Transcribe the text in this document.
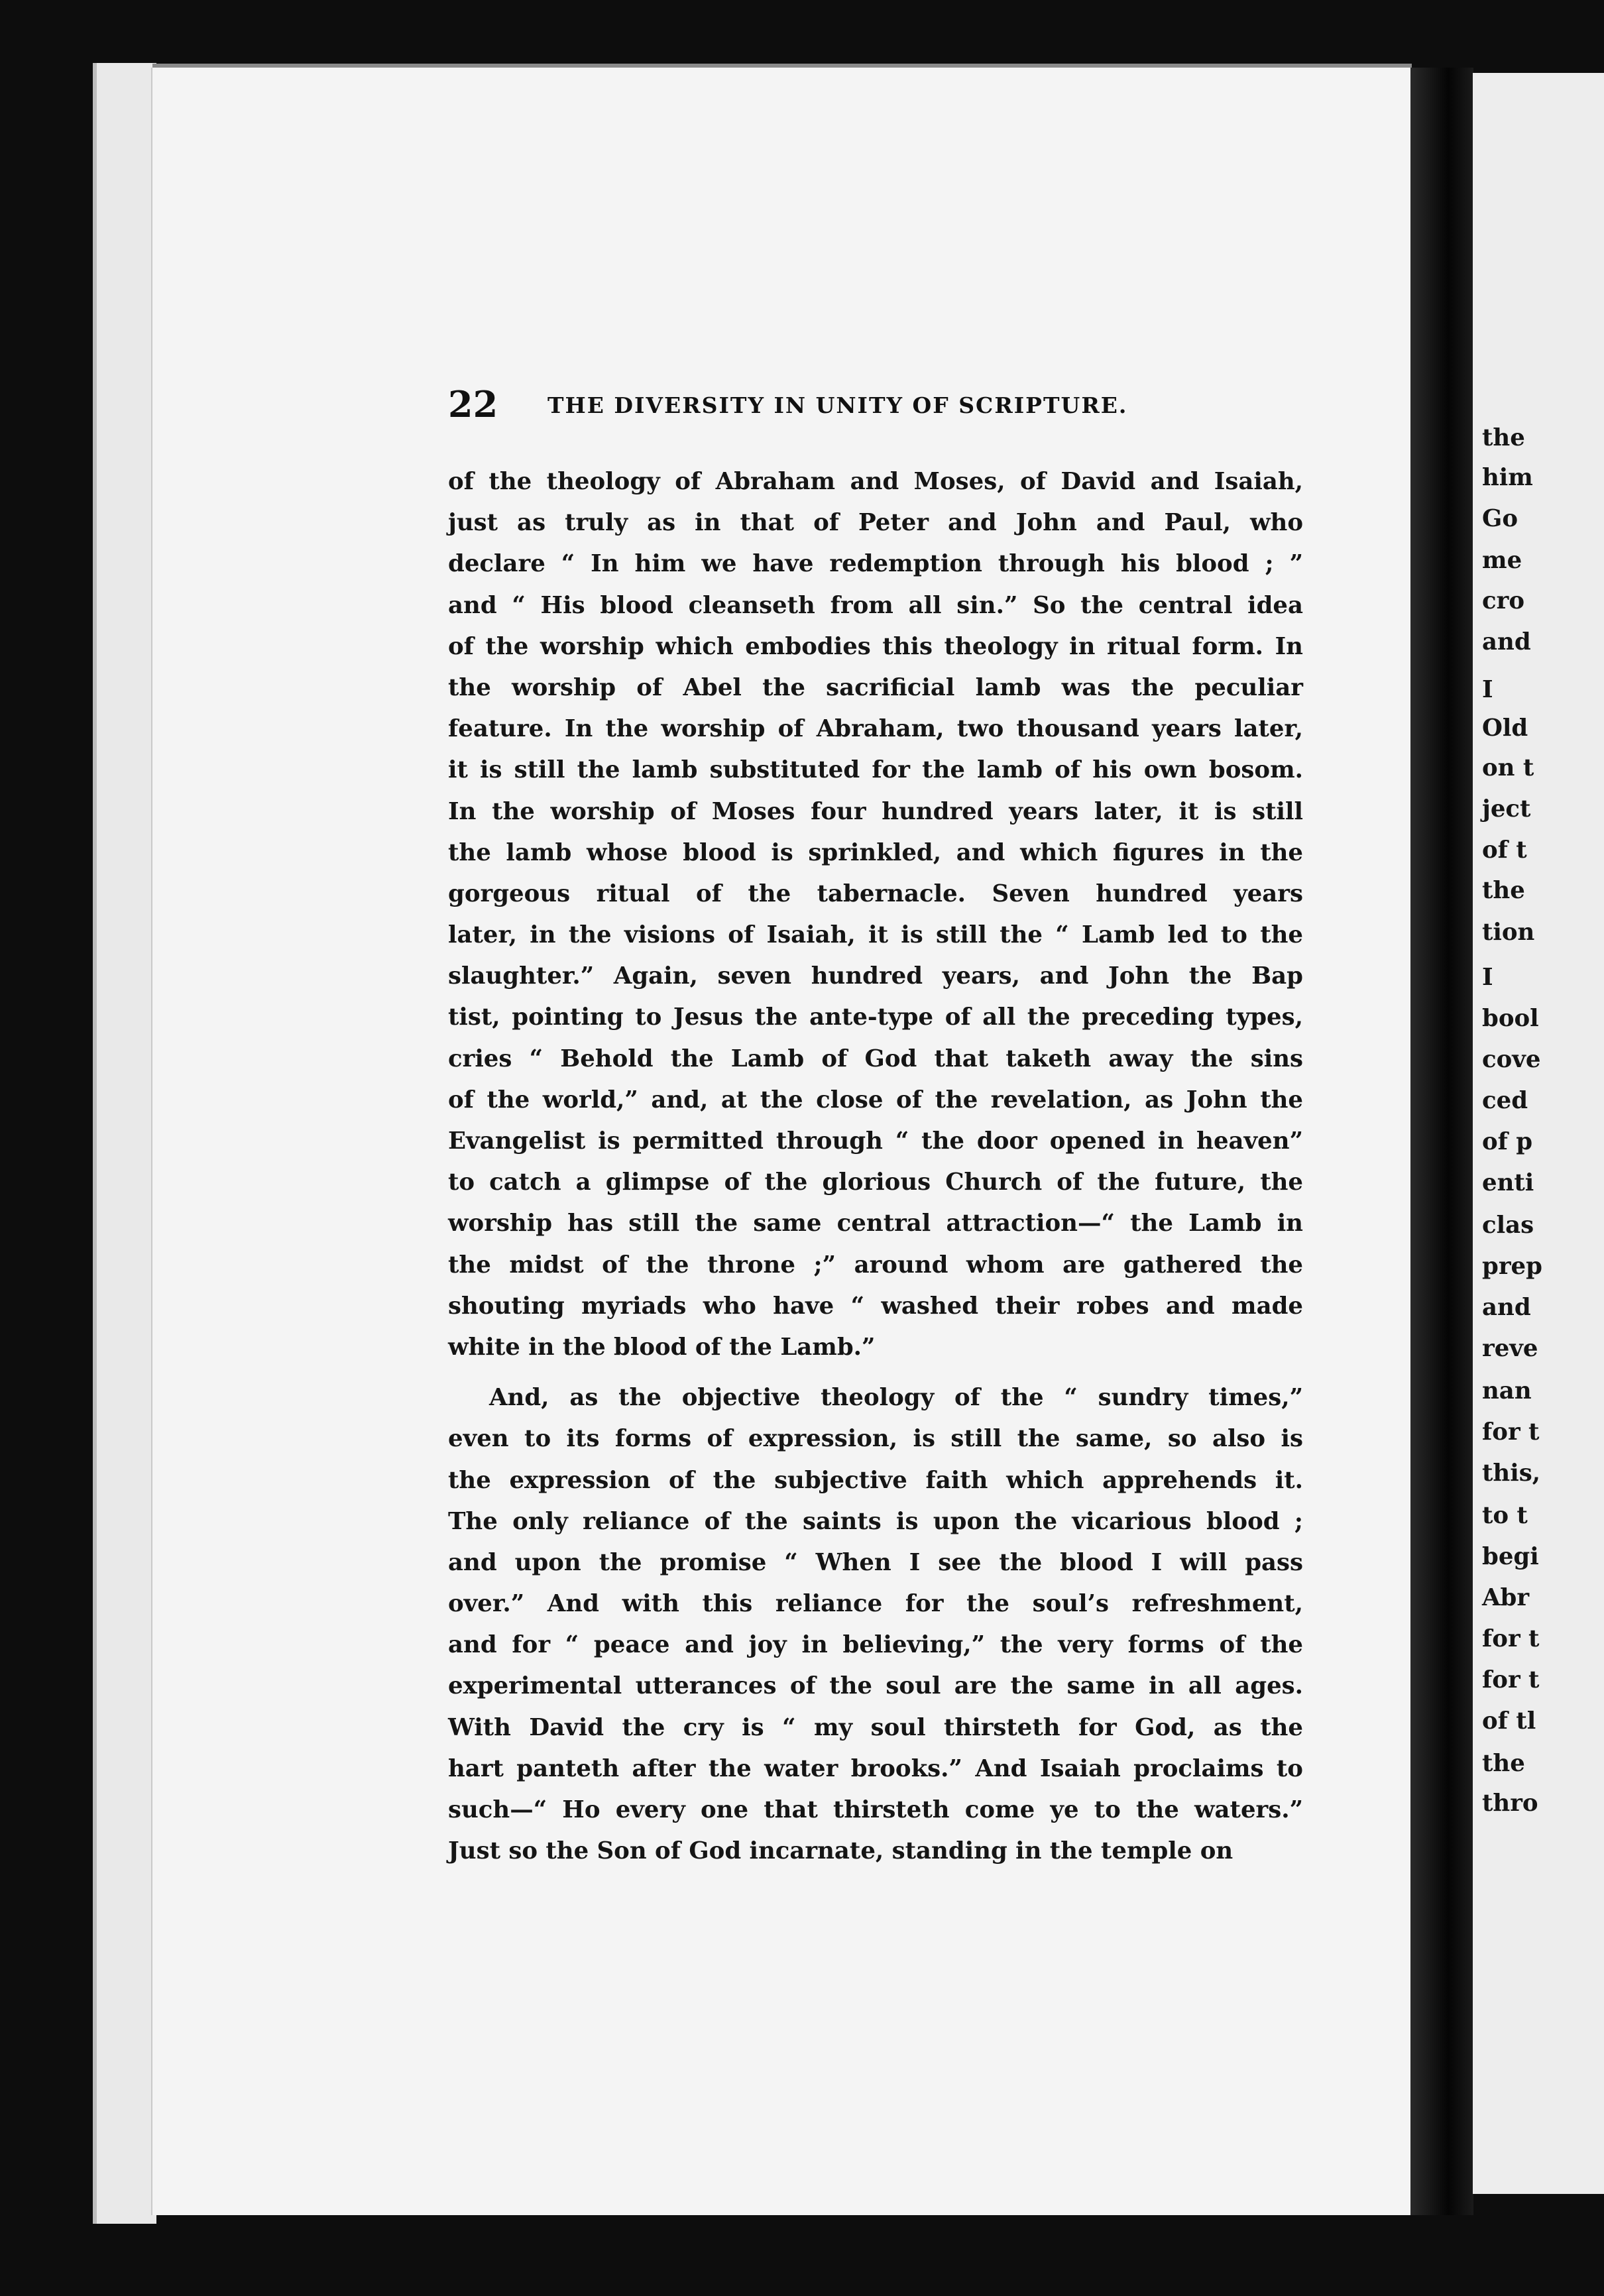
the
him
Go
me
cro
and
I
Old
on t
ject
of t
the
tion
I
bool
cove
ced
of p
enti
clas
prep
and
reve
nan
for t
this,
to t
begi
Abr
for t
for t
of tl
the
thro
22 THE DIVERSITY IN UNITY OF SCRIPTURE.
of the theology of Abraham and Moses, of David and Isaiah,
just as truly as in that of Peter and John and Paul, who
declare “ In him we have redemption through his blood ; ”
and “ His blood cleanseth from all sin.” So the central idea
of the worship which embodies this theology in ritual form. In
the worship of Abel the sacrificial lamb was the peculiar
feature. In the worship of Abraham, two thousand years later,
it is still the lamb substituted for the lamb of his own bosom.
In the worship of Moses four hundred years later, it is still
the lamb whose blood is sprinkled, and which figures in the
gorgeous ritual of the tabernacle. Seven hundred years
later, in the visions of Isaiah, it is still the “ Lamb led to the
slaughter.” Again, seven hundred years, and John the Bap
tist, pointing to Jesus the ante-type of all the preceding types,
cries “ Behold the Lamb of God that taketh away the sins
of the world,” and, at the close of the revelation, as John the
Evangelist is permitted through “ the door opened in heaven”
to catch a glimpse of the glorious Church of the future, the
worship has still the same central attraction—“ the Lamb in
the midst of the throne ;” around whom are gathered the
shouting myriads who have “ washed their robes and made
white in the blood of the Lamb.”
And, as the objective theology of the “ sundry times,”
even to its forms of expression, is still the same, so also is
the expression of the subjective faith which apprehends it.
The only reliance of the saints is upon the vicarious blood ;
and upon the promise “ When I see the blood I will pass
over.” And with this reliance for the soul’s refreshment,
and for “ peace and joy in believing,” the very forms of the
experimental utterances of the soul are the same in all ages.
With David the cry is “ my soul thirsteth for God, as the
hart panteth after the water brooks.” And Isaiah proclaims to
such—“ Ho every one that thirsteth come ye to the waters.”
Just so the Son of God incarnate, standing in the temple on
